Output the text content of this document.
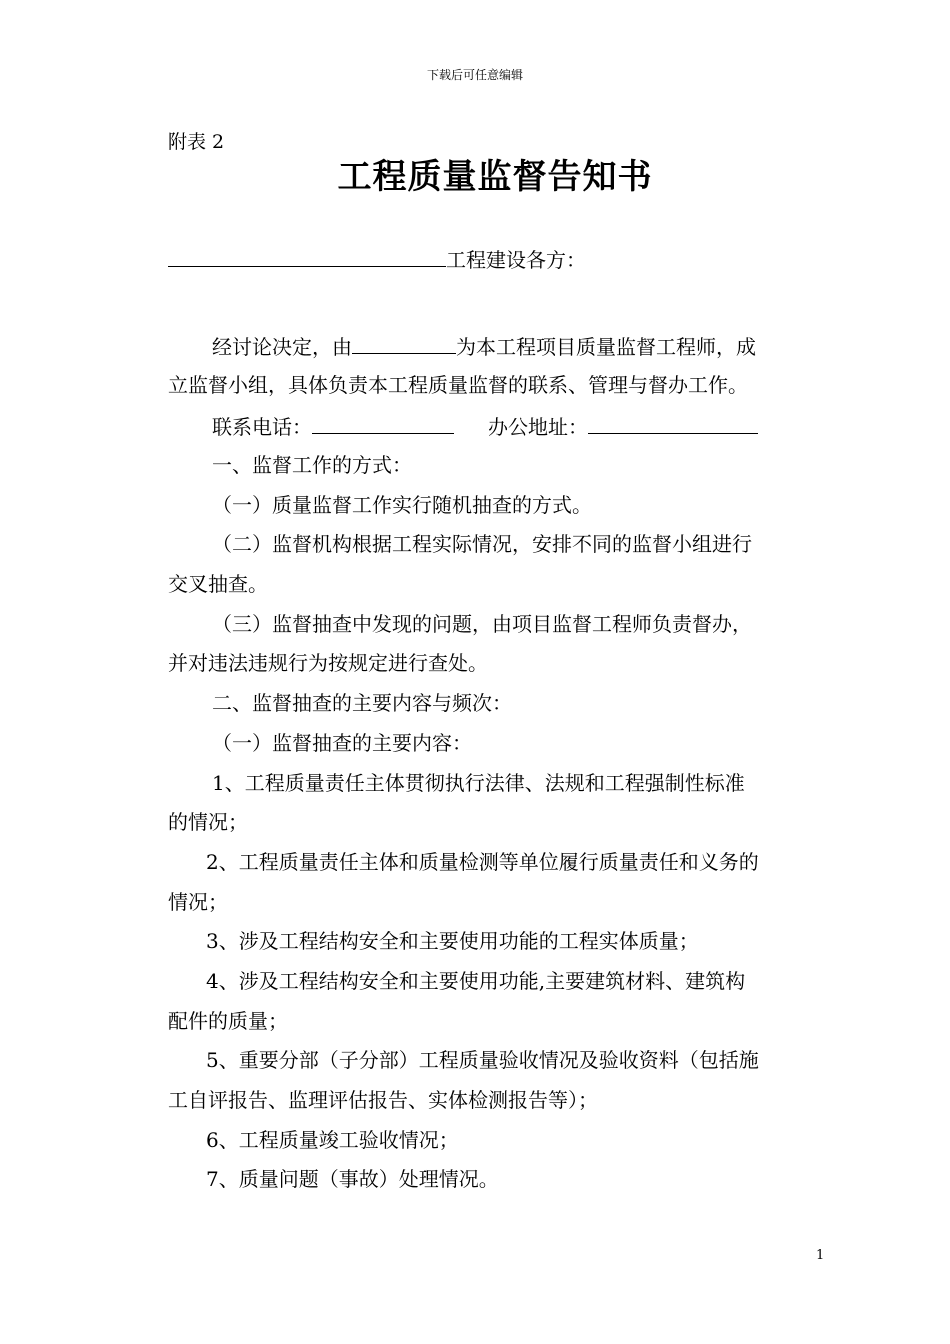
下载后可任意编辑
附表 2
工程质量监督告知书
工程建设各方：
经讨论决定，由	为本工程项目质量监督工程师，成
立监督小组，具体负责本工程质量监督的联系、管理与督办工作。
联系电话：	办公地址：
一、监督工作的方式：
（一）质量监督工作实行随机抽查的方式。
（二）监督机构根据工程实际情况，安排不同的监督小组进行
交叉抽查。
（三）监督抽查中发现的问题，由项目监督工程师负责督办，
并对违法违规行为按规定进行查处。
二、监督抽查的主要内容与频次：
（一）监督抽查的主要内容：
1、工程质量责任主体贯彻执行法律、法规和工程强制性标准
的情况；
2、工程质量责任主体和质量检测等单位履行质量责任和义务的
情况；
3、涉及工程结构安全和主要使用功能的工程实体质量；
4、涉及工程结构安全和主要使用功能,主要建筑材料、建筑构
配件的质量；
5、重要分部（子分部）工程质量验收情况及验收资料（包括施
工自评报告、监理评估报告、实体检测报告等）；
6、工程质量竣工验收情况；
7、质量问题（事故）处理情况。
1
